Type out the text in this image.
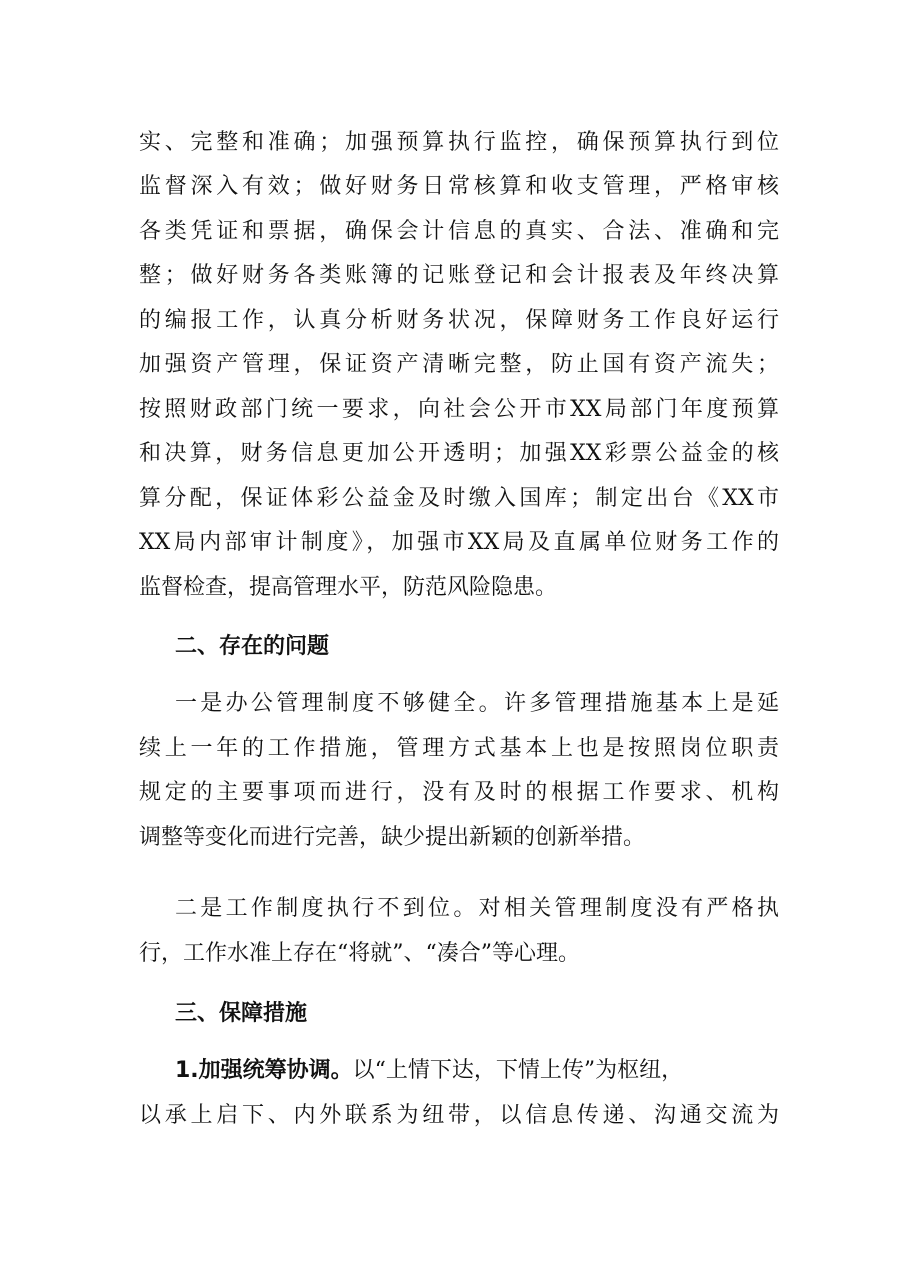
实、完整和准确；加强预算执行监控，确保预算执行到位
监督深入有效；做好财务日常核算和收支管理，严格审核
各类凭证和票据，确保会计信息的真实、合法、准确和完
整；做好财务各类账簿的记账登记和会计报表及年终决算
的编报工作，认真分析财务状况，保障财务工作良好运行
加强资产管理，保证资产清晰完整，防止国有资产流失；
按照财政部门统一要求，向社会公开市XX局部门年度预算
和决算，财务信息更加公开透明；加强XX彩票公益金的核
算分配，保证体彩公益金及时缴入国库；制定出台《XX市
XX局内部审计制度》，加强市XX局及直属单位财务工作的
监督检查，提高管理水平，防范风险隐患。
二、存在的问题
一是办公管理制度不够健全。许多管理措施基本上是延
续上一年的工作措施，管理方式基本上也是按照岗位职责
规定的主要事项而进行，没有及时的根据工作要求、机构
调整等变化而进行完善，缺少提出新颖的创新举措。
二是工作制度执行不到位。对相关管理制度没有严格执
行，工作水准上存在“将就”、“凑合”等心理。
三、保障措施
1.加强统筹协调。以“上情下达，下情上传”为枢纽，
以承上启下、内外联系为纽带，以信息传递、沟通交流为
